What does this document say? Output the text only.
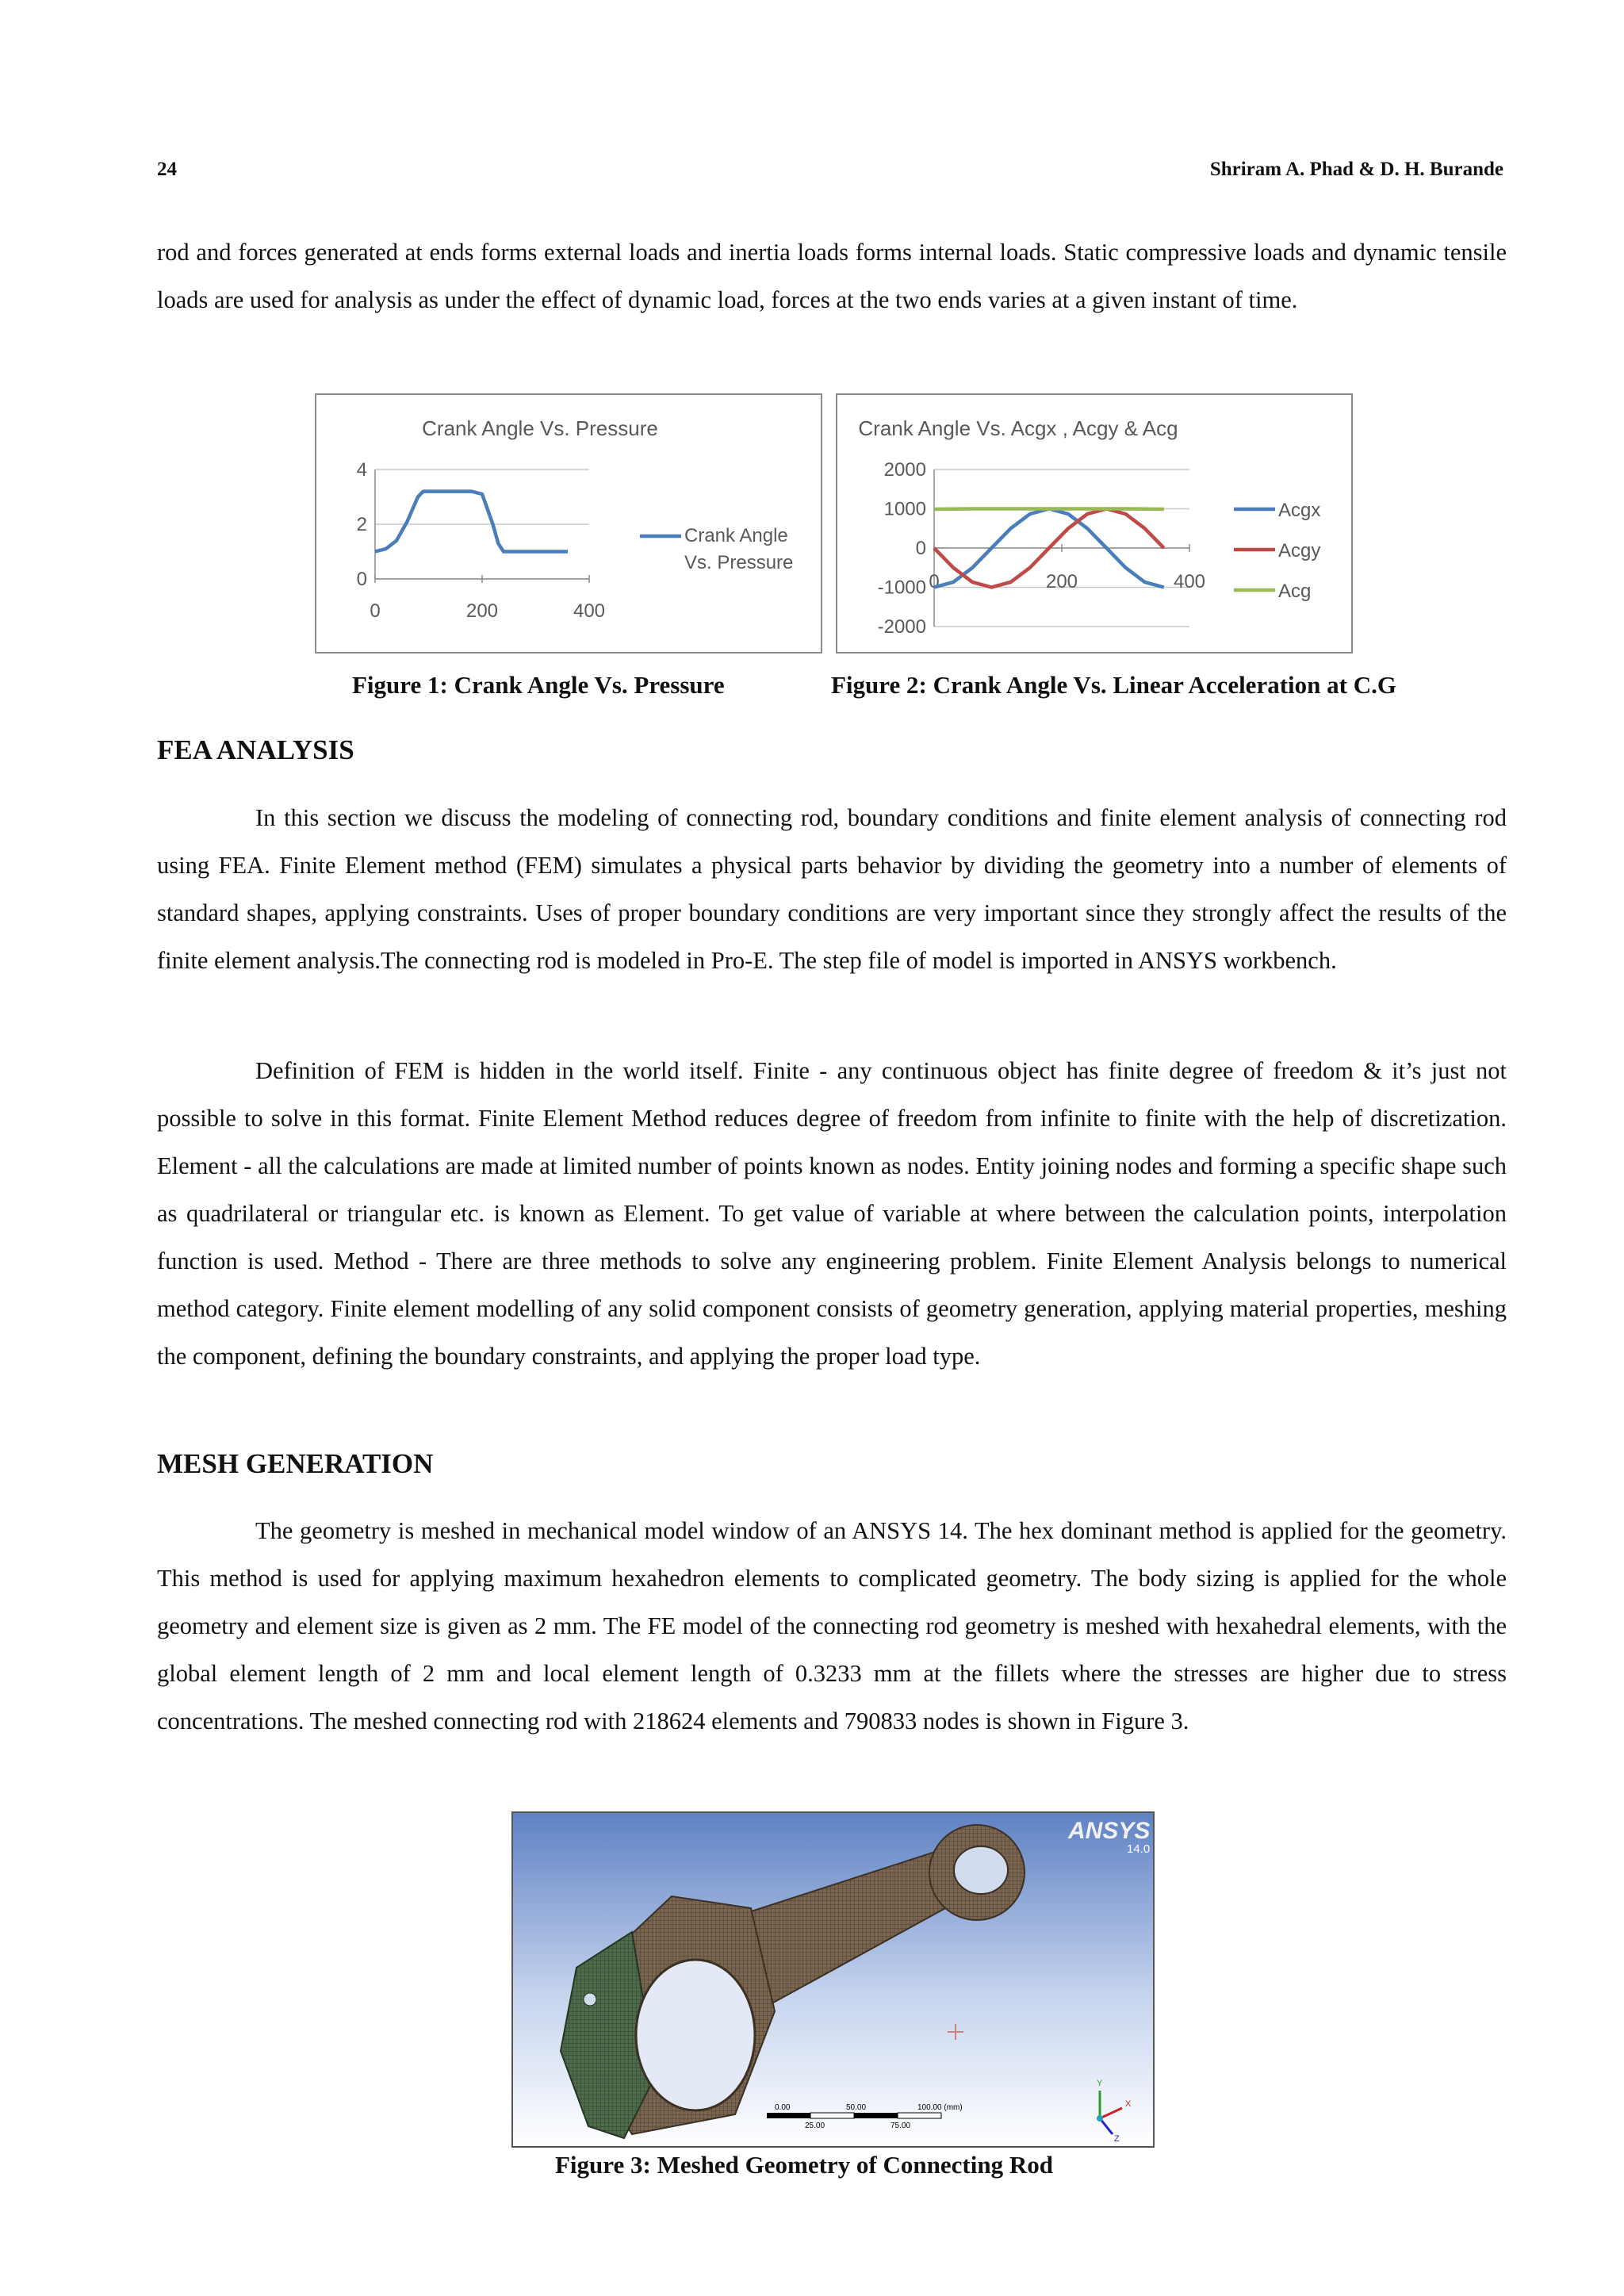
24	Shriram A. Phad & D. H. Burande

rod and forces generated at ends forms external loads and inertia loads forms internal loads. Static compressive loads and dynamic tensile loads are used for analysis as under the effect of dynamic load, forces at the two ends varies at a given instant of time.

Crank Angle Vs. Pressure
0
2
4
0	200	400
Crank Angle
Vs. Pressure
Crank Angle Vs. Acgx , Acgy & Acg
2000
1000
0
-1000
-2000
0	200	400
Acgx
Acgy
Acg
Figure 1: Crank Angle Vs. Pressure	Figure 2: Crank Angle Vs. Linear Acceleration at C.G
FEA ANALYSIS

In this section we discuss the modeling of connecting rod, boundary conditions and finite element analysis of connecting rod using FEA. Finite Element method (FEM) simulates a physical parts behavior by dividing the geometry into a number of elements of standard shapes, applying constraints. Uses of proper boundary conditions are very important since they strongly affect the results of the finite element analysis.The connecting rod is modeled in Pro-E. The step file of model is imported in ANSYS workbench.

Definition of FEM is hidden in the world itself. Finite - any continuous object has finite degree of freedom & it’s just not possible to solve in this format. Finite Element Method reduces degree of freedom from infinite to finite with the help of discretization. Element - all the calculations are made at limited number of points known as nodes. Entity joining nodes and forming a specific shape such as quadrilateral or triangular etc. is known as Element. To get value of variable at where between the calculation points, interpolation function is used. Method - There are three methods to solve any engineering problem. Finite Element Analysis belongs to numerical method category. Finite element modelling of any solid component consists of geometry generation, applying material properties, meshing the component, defining the boundary constraints, and applying the proper load type.

MESH GENERATION

The geometry is meshed in mechanical model window of an ANSYS 14. The hex dominant method is applied for the geometry. This method is used for applying maximum hexahedron elements to complicated geometry. The body sizing is applied for the whole geometry and element size is given as 2 mm. The FE model of the connecting rod geometry is meshed with hexahedral elements, with the global element length of 2 mm and local element length of 0.3233 mm at the fillets where the stresses are higher due to stress concentrations. The meshed connecting rod with 218624 elements and 790833 nodes is shown in Figure 3.

ANSYS
14.0
0.00	50.00	100.00 (mm)
25.00	75.00
Y
X
Z
Figure 3: Meshed Geometry of Connecting Rod
